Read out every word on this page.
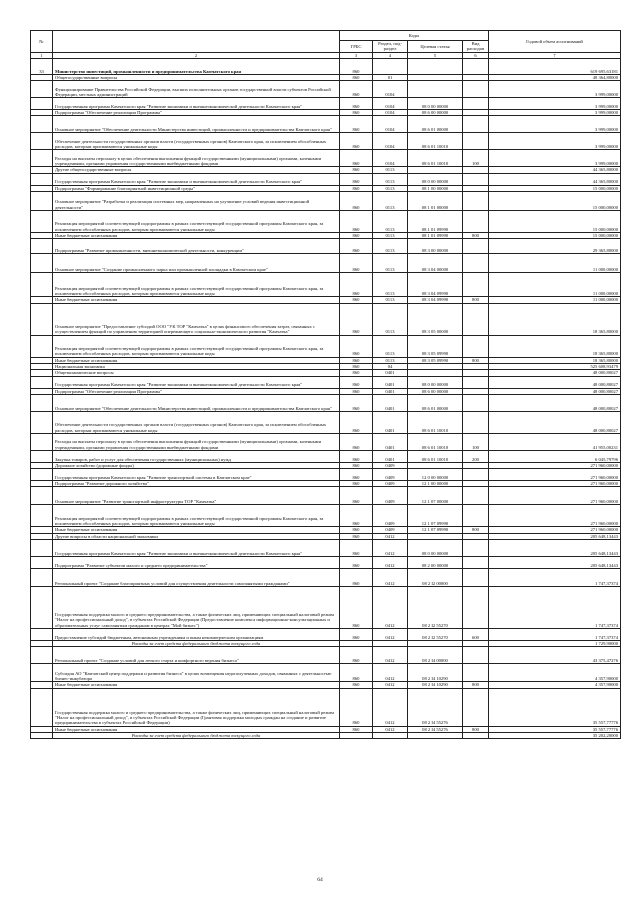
№		Коды				Годовой объем ассигнований
		ГРБС	Раздел, под-раздел	Целевая статья	Вид расходов	
1	2	3	4	5	6	7
33	Министерство инвестиций, промышленности и предпринимательства Камчатского края	860				619 695,63181
	Общегосударственные вопросы	860	01			48 364,80000
	Функционирование Правительства Российской Федерации, высших исполнительных органов государственной власти субъектов Российской Федерации, местных администраций	860	0104			3 999,00000
	Государственная программа Камчатского края "Развитие экономики и внешнеэкономической деятельности Камчатского края"	860	0104	08 0 00 00000		3 999,00000
	Подпрограмма "Обеспечение реализации Программы"	860	0104	08 6 00 00000		3 999,00000
	Основное мероприятие "Обеспечение деятельности Министерства инвестиций, промышленности и предпринимательства Камчатского края"	860	0104	08 6 01 00000		3 999,00000
	Обеспечение деятельности государственных органов власти (государственных органов) Камчатского края, за исключением обособленных расходов, которым присваиваются уникальные коды	860	0104	08 6 01 10010		3 999,00000
	Расходы на выплаты персоналу в целях обеспечения выполнения функций государственными (муниципальными) органами, казенными учреждениями, органами управления государственными внебюджетными фондами	860	0104	08 6 01 10010	100	3 999,00000
	Другие общегосударственные вопросы	860	0113			44 365,80000
	Государственная программа Камчатского края "Развитие экономики и внешнеэкономической деятельности Камчатского края"	860	0113	08 0 00 00000		44 365,80000
	Подпрограмма "Формирование благоприятной инвестиционной среды"	860	0113	08 1 00 00000		15 000,00000
	Основное мероприятие "Разработка и реализация системных мер, направленных на улучшение условий ведения инвестиционной деятельности"	860	0113	08 1 01 00000		15 000,00000
	Реализация мероприятий соответствующей подпрограммы в рамках соответствующей государственной программы Камчатского края, за исключением обособленных расходов, которым присваиваются уникальные коды	860	0113	08 1 01 09990		15 000,00000
	Иные бюджетные ассигнования	860	0113	08 1 01 09990	800	15 000,00000
	Подпрограмма "Развитие промышленности, внешнеэкономической деятельности, конкуренции"	860	0113	08 3 00 00000		29 365,80000
	Основное мероприятие "Создание промышленного парка или промышленной площадки в Камчатском крае"	860	0113	08 3 04 00000		11 000,00000
	Реализация мероприятий соответствующей подпрограммы в рамках соответствующей государственной программы Камчатского края, за исключением обособленных расходов, которым присваиваются уникальные коды	860	0113	08 3 04 09990		11 000,00000
	Иные бюджетные ассигнования	860	0113	08 3 04 09990	800	11 000,00000
	Основное мероприятие "Предоставление субсидий ООО "УК ТОР "Камчатка" в целях финансового обеспечения затрат, связанных с осуществлением функций по управлению территорией опережающего социально-экономического развития "Камчатка"	860	0113	08 3 05 00000		18 365,80000
	Реализация мероприятий соответствующей подпрограммы в рамках соответствующей государственной программы Камчатского края, за исключением обособленных расходов, которым присваиваются уникальные коды	860	0113	08 3 05 09990		18 365,80000
	Иные бюджетные ассигнования	860	0113	08 3 05 09990	800	18 365,80000
	Национальная экономика	860	04			525 608,93479
	Общеэкономические вопросы	860	0401			48 000,80027
	Государственная программа Камчатского края "Развитие экономики и внешнеэкономической деятельности Камчатского края"	860	0401	08 0 00 00000		48 000,80027
	Подпрограмма "Обеспечение реализации Программы"	860	0401	08 6 00 00000		48 000,80027
	Основное мероприятие "Обеспечение деятельности Министерства инвестиций, промышленности и предпринимательства Камчатского края"	860	0401	08 6 01 00000		48 000,80027
	Обеспечение деятельности государственных органов власти (государственных органов) Камчатского края, за исключением обособленных расходов, которым присваиваются уникальные коды	860	0401	08 6 01 10010		48 000,80027
	Расходы на выплаты персоналу в целях обеспечения выполнения функций государственными (муниципальными) органами, казенными учреждениями, органами управления государственными внебюджетными фондами	860	0401	08 6 01 10010	100	41 955,00231
	Закупка товаров, работ и услуг для обеспечения государственных (муниципальных) нужд	860	0401	08 6 01 10010	200	6 045,79796
	Дорожное хозяйство (дорожные фонды)	860	0409			271 960,00000
	Государственная программа Камчатского края "Развитие транспортной системы в Камчатском крае"	860	0409	12 0 00 00000		271 960,00000
	Подпрограмма "Развитие дорожного хозяйства"	860	0409	12 1 00 00000		271 960,00000
	Основное мероприятие "Развитие транспортной инфраструктуры ТОР "Камчатка"	860	0409	12 1 07 00000		271 960,00000
	Реализация мероприятий соответствующей подпрограммы в рамках соответствующей государственной программы Камчатского края, за исключением обособленных расходов, которым присваиваются уникальные коды	860	0409	12 1 07 09990		271 960,00000
	Иные бюджетные ассигнования	860	0409	12 1 07 09990	800	271 960,00000
	Другие вопросы в области национальной экономики	860	0412			205 648,13443
	Государственная программа Камчатского края "Развитие экономики и внешнеэкономической деятельности Камчатского края"	860	0412	08 0 00 00000		205 648,13443
	Подпрограмма "Развитие субъектов малого и среднего предпринимательства"	860	0412	08 2 00 00000		205 648,13443
	Региональный проект "Создание благоприятных условий для осуществления деятельности самозанятыми гражданами"	860	0412	08 2 I2 00000		1 747,37374
	Государственная поддержка малого и среднего предпринимательства, а также физических лиц, применяющих специальный налоговый режим "Налог на профессиональный доход", в субъектах Российской Федерации (Предоставление комплекса информационно-консультационных и образовательных услуг самозанятым гражданам в центрах "Мой бизнес")	860	0412	08 2 I2 55270		1 747,37374
	Предоставление субсидий бюджетным, автономным учреждениям и иным некоммерческим организациям	860	0412	08 2 I2 55270	600	1 747,37374
	Расходы за счет средств федерального бюджета текущего года					1 729,90000
	Региональный проект "Создание условий для легкого старта и комфортного ведения бизнеса"	860	0412	08 2 I4 00000		43 375,47276
	Субсидия АО "Камчатский центр поддержки и развития бизнеса" в целях возмещения недополученных доходов, связанных с деятельностью бизнес-инкубатора	860	0412	08 2 I4 10290		4 357,90000
	Иные бюджетные ассигнования	860	0412	08 2 I4 10290	800	4 357,90000
	Государственная поддержка малого и среднего предпринимательства, а также физических лиц, применяющих специальный налоговый режим "Налог на профессиональный доход", в субъектах Российской Федерации (Грантовая поддержка молодых граждан на создание и развитие предпринимательства в субъектах Российской Федерации)	860	0412	08 2 I4 55276		35 557,77776
	Иные бюджетные ассигнования	860	0412	08 2 I4 55276	800	35 557,77776
	Расходы за счет средств федерального бюджета текущего года					35 202,20000
64
